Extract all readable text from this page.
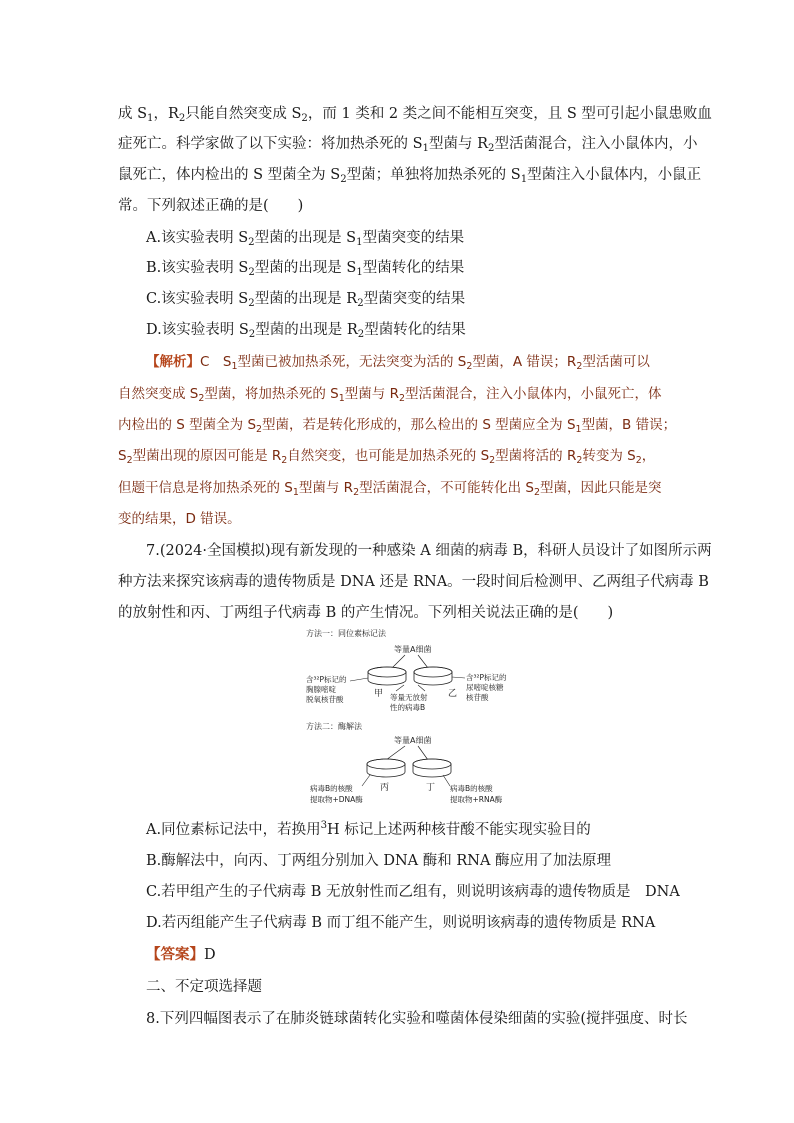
成 $S_1$，$R_2$只能自然突变成 $S_2$，而 1 类和 2 类之间不能相互突变，且 S 型可引起小鼠患败血
症死亡。科学家做了以下实验：将加热杀死的 $S_1$型菌与 $R_2$型活菌混合，注入小鼠体内，小
鼠死亡，体内检出的 S 型菌全为 $S_2$型菌；单独将加热杀死的 $S_1$型菌注入小鼠体内，小鼠正
常。下列叙述正确的是(　　)
A.该实验表明 $S_2$型菌的出现是 $S_1$型菌突变的结果
B.该实验表明 $S_2$型菌的出现是 $S_1$型菌转化的结果
C.该实验表明 $S_2$型菌的出现是 $R_2$型菌突变的结果
D.该实验表明 $S_2$型菌的出现是 $R_2$型菌转化的结果
【解析】C　$S_1$型菌已被加热杀死，无法突变为活的 $S_2$型菌，A 错误；$R_2$型活菌可以
自然突变成 $S_2$型菌，将加热杀死的 $S_1$型菌与 $R_2$型活菌混合，注入小鼠体内，小鼠死亡，体
内检出的 S 型菌全为 $S_2$型菌，若是转化形成的，那么检出的 S 型菌应全为 $S_1$型菌，B 错误；
$S_2$型菌出现的原因可能是 $R_2$自然突变，也可能是加热杀死的 $S_2$型菌将活的 $R_2$转变为 $S_2$，
但题干信息是将加热杀死的 $S_1$型菌与 $R_2$型活菌混合，不可能转化出 $S_2$型菌，因此只能是突
变的结果，D 错误。
7.(2024·全国模拟)现有新发现的一种感染 A 细菌的病毒 B，科研人员设计了如图所示两
种方法来探究该病毒的遗传物质是 DNA 还是 RNA。一段时间后检测甲、乙两组子代病毒 B
的放射性和丙、丁两组子代病毒 B 的产生情况。下列相关说法正确的是(　　)
方法一：同位素标记法
等量A细菌
含³²P标记的
胸腺嘧啶
脱氧核苷酸
甲	乙
含³²P标记的
尿嘧啶核糖
核苷酸
等量无放射
性的病毒B
方法二：酶解法
等量A细菌
丙	丁
病毒B的核酸
提取物+DNA酶
病毒B的核酸
提取物+RNA酶
A.同位素标记法中，若换用$^3$H 标记上述两种核苷酸不能实现实验目的
B.酶解法中，向丙、丁两组分别加入 DNA 酶和 RNA 酶应用了加法原理
C.若甲组产生的子代病毒 B 无放射性而乙组有，则说明该病毒的遗传物质是　DNA
D.若丙组能产生子代病毒 B 而丁组不能产生，则说明该病毒的遗传物质是 RNA
【答案】D
二、不定项选择题
8.下列四幅图表示了在肺炎链球菌转化实验和噬菌体侵染细菌的实验(搅拌强度、时长
